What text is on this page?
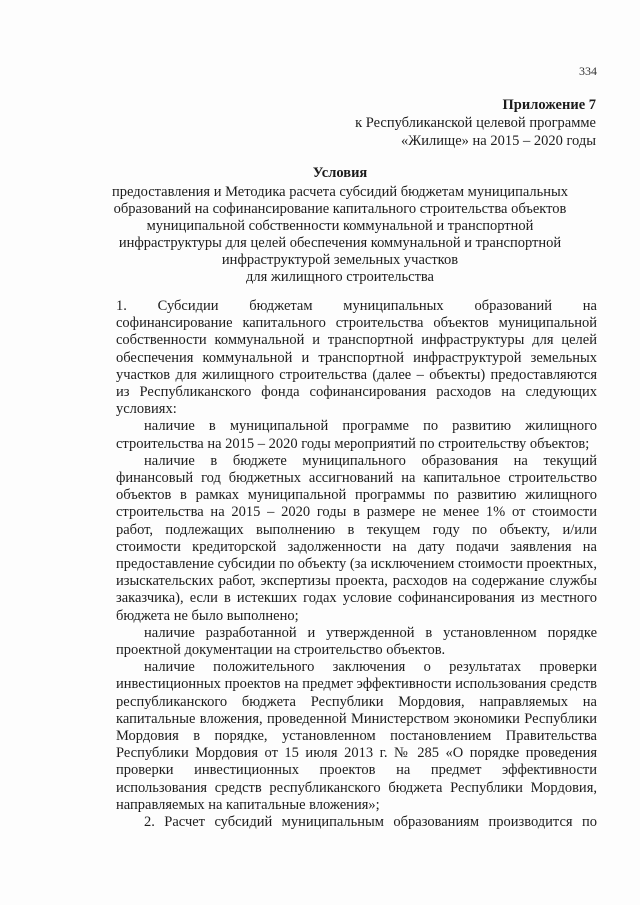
334
Приложение 7
к Республиканской целевой программе
«Жилище» на 2015 – 2020 годы
Условия
предоставления и Методика расчета субсидий бюджетам муниципальных
образований на софинансирование капитального строительства объектов
муниципальной собственности коммунальной и транспортной
инфраструктуры для целей обеспечения коммунальной и транспортной
инфраструктурой земельных участков
для жилищного строительства
1. Субсидии бюджетам муниципальных образований на
софинансирование капитального строительства объектов муниципальной
собственности коммунальной и транспортной инфраструктуры для целей
обеспечения коммунальной и транспортной инфраструктурой земельных
участков для жилищного строительства (далее – объекты) предоставляются
из Республиканского фонда софинансирования расходов на следующих
условиях:
наличие в муниципальной программе по развитию жилищного
строительства на 2015 – 2020 годы мероприятий по строительству объектов;
наличие в бюджете муниципального образования на текущий
финансовый год бюджетных ассигнований на капитальное строительство
объектов в рамках муниципальной программы по развитию жилищного
строительства на 2015 – 2020 годы в размере не менее 1% от стоимости
работ, подлежащих выполнению в текущем году по объекту, и/или
стоимости кредиторской задолженности на дату подачи заявления на
предоставление субсидии по объекту (за исключением стоимости проектных,
изыскательских работ, экспертизы проекта, расходов на содержание службы
заказчика), если в истекших годах условие софинансирования из местного
бюджета не было выполнено;
наличие разработанной и утвержденной в установленном порядке
проектной документации на строительство объектов.
наличие положительного заключения о результатах проверки
инвестиционных проектов на предмет эффективности использования средств
республиканского бюджета Республики Мордовия, направляемых на
капитальные вложения, проведенной Министерством экономики Республики
Мордовия в порядке, установленном постановлением Правительства
Республики Мордовия от 15 июля 2013 г. № 285 «О порядке проведения
проверки инвестиционных проектов на предмет эффективности
использования средств республиканского бюджета Республики Мордовия,
направляемых на капитальные вложения»;
2. Расчет субсидий муниципальным образованиям производится по
